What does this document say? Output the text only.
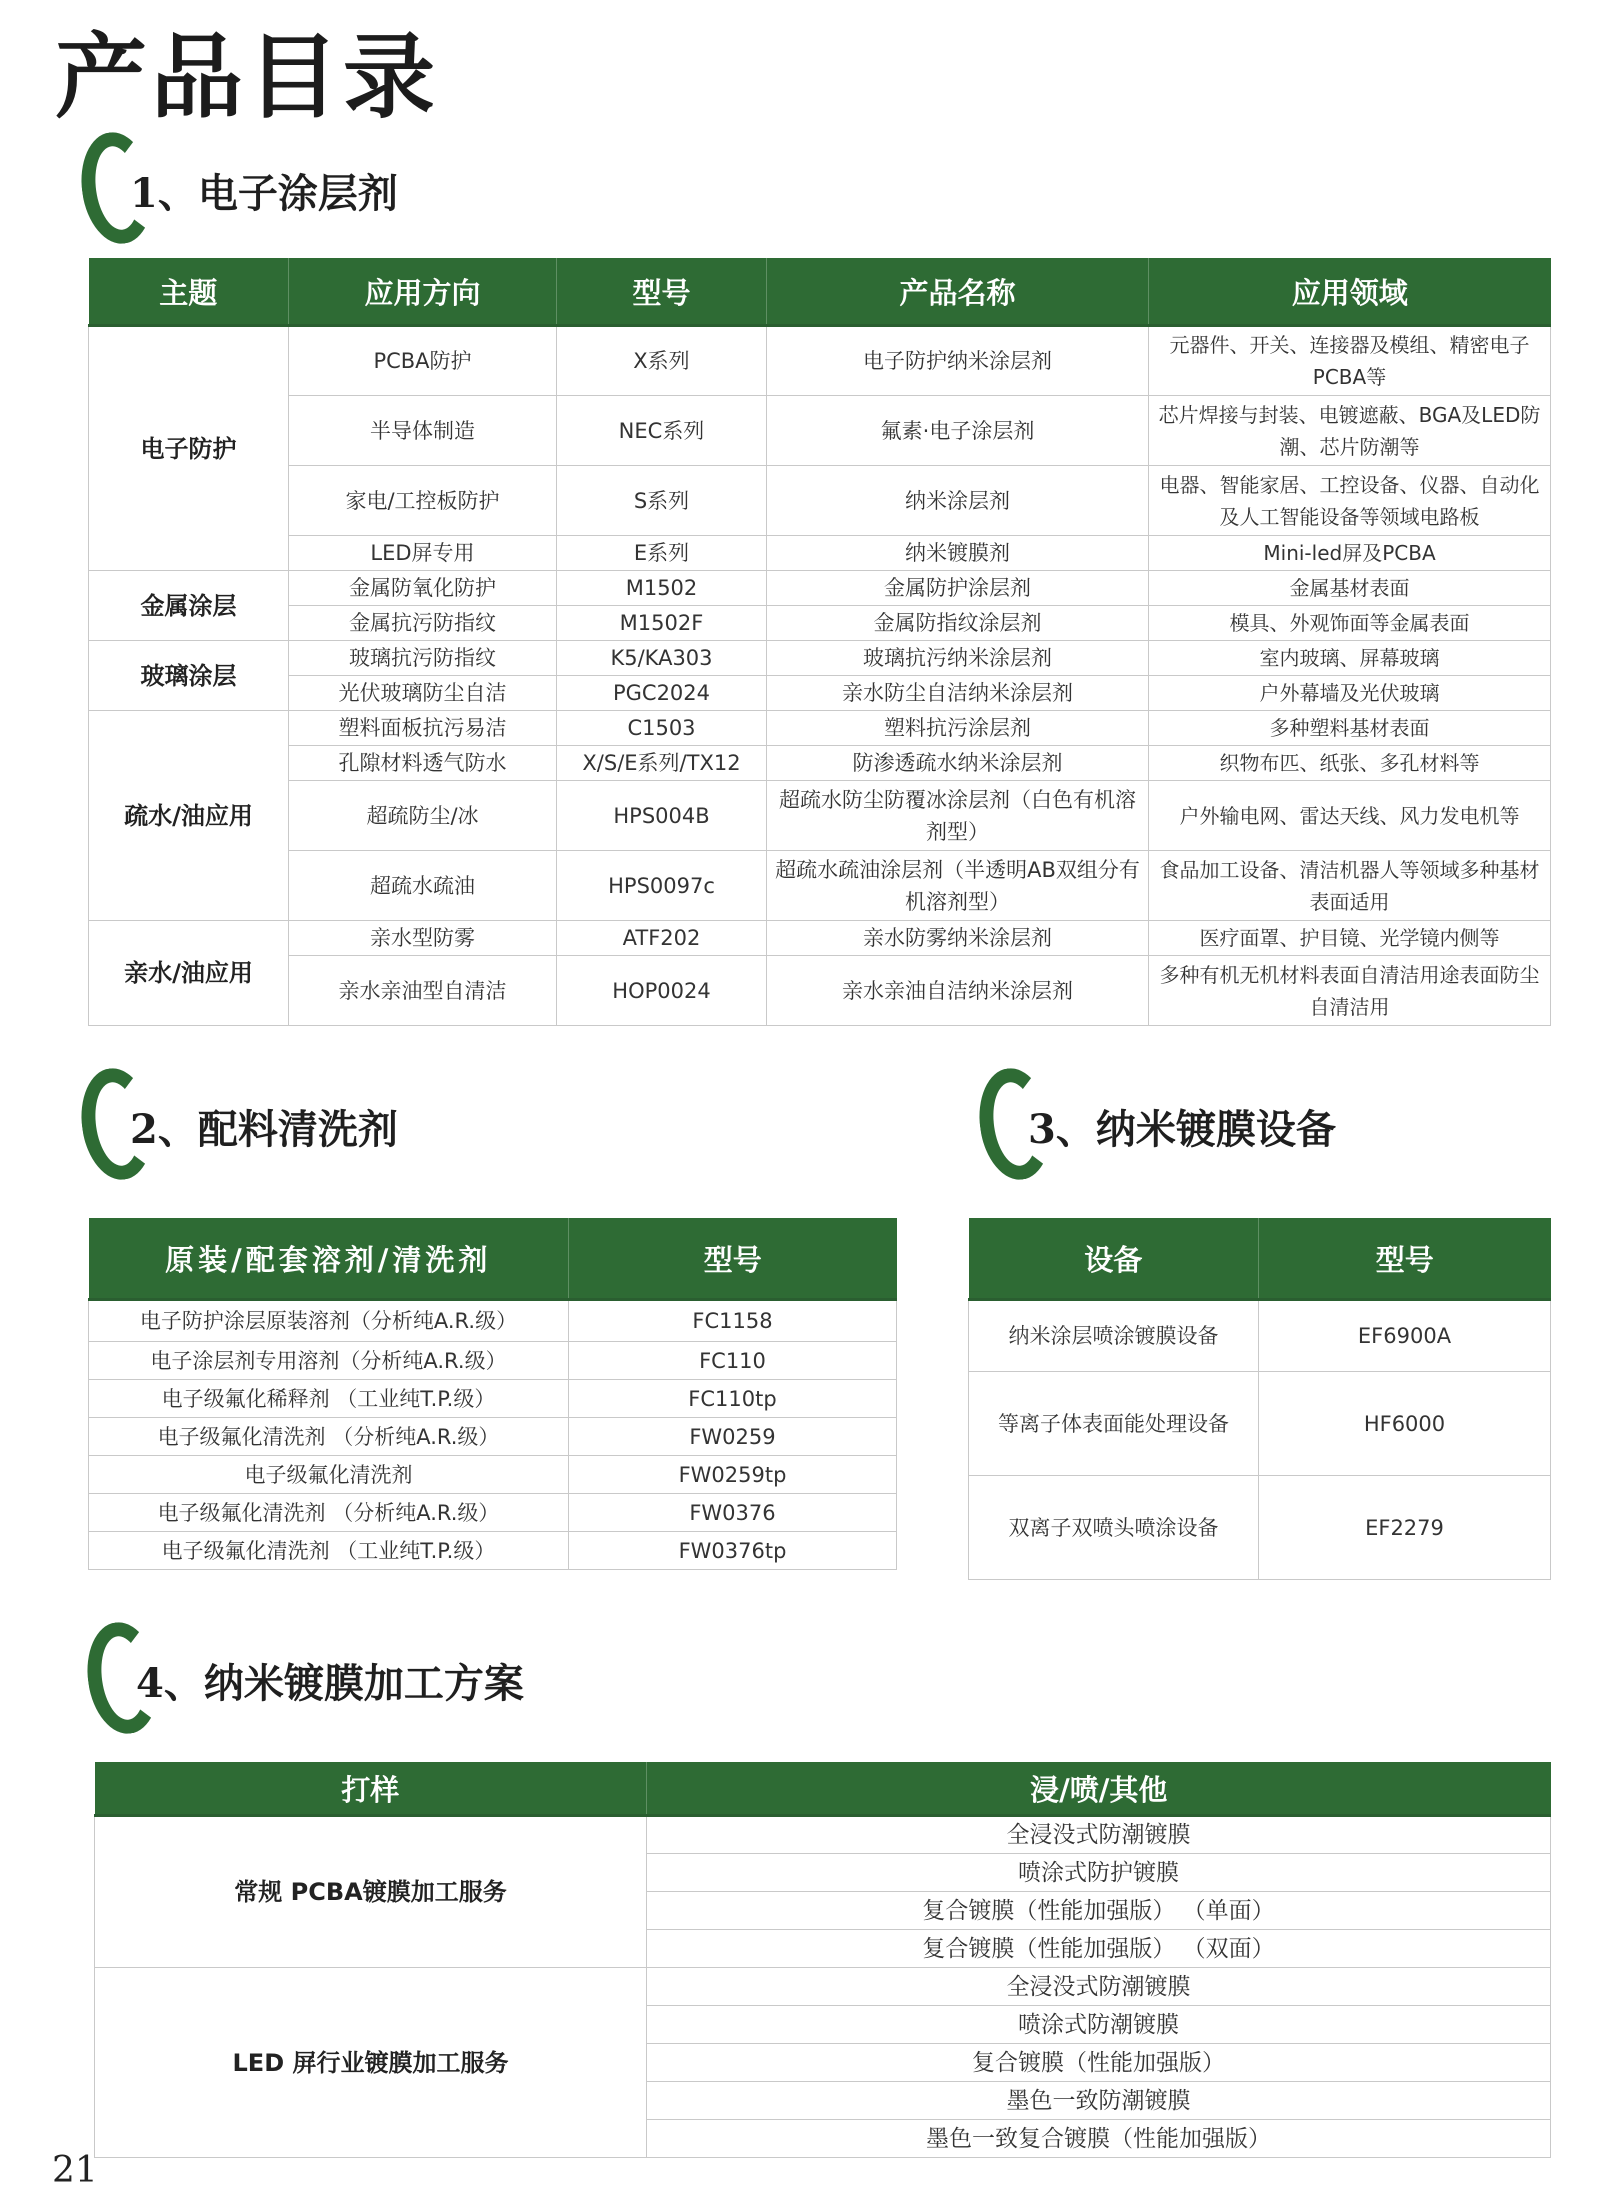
产品目录
1、电子涂层剂
主题	应用方向	型号	产品名称	应用领域
电子防护	PCBA防护	X系列	电子防护纳米涂层剂	元器件、开关、连接器及模组、精密电子PCBA等
	半导体制造	NEC系列	氟素·电子涂层剂	芯片焊接与封装、电镀遮蔽、BGA及LED防潮、芯片防潮等
	家电/工控板防护	S系列	纳米涂层剂	电器、智能家居、工控设备、仪器、自动化及人工智能设备等领域电路板
	LED屏专用	E系列	纳米镀膜剂	Mini-led屏及PCBA
金属涂层	金属防氧化防护	M1502	金属防护涂层剂	金属基材表面
	金属抗污防指纹	M1502F	金属防指纹涂层剂	模具、外观饰面等金属表面
玻璃涂层	玻璃抗污防指纹	K5/KA303	玻璃抗污纳米涂层剂	室内玻璃、屏幕玻璃
	光伏玻璃防尘自洁	PGC2024	亲水防尘自洁纳米涂层剂	户外幕墙及光伏玻璃
疏水/油应用	塑料面板抗污易洁	C1503	塑料抗污涂层剂	多种塑料基材表面
	孔隙材料透气防水	X/S/E系列/TX12	防渗透疏水纳米涂层剂	织物布匹、纸张、多孔材料等
	超疏防尘/冰	HPS004B	超疏水防尘防覆冰涂层剂（白色有机溶剂型）	户外输电网、雷达天线、风力发电机等
	超疏水疏油	HPS0097c	超疏水疏油涂层剂（半透明AB双组分有机溶剂型）	食品加工设备、清洁机器人等领域多种基材表面适用
亲水/油应用	亲水型防雾	ATF202	亲水防雾纳米涂层剂	医疗面罩、护目镜、光学镜内侧等
	亲水亲油型自清洁	HOP0024	亲水亲油自洁纳米涂层剂	多种有机无机材料表面自清洁用途表面防尘自清洁用
2、配料清洗剂
原装/配套溶剂/清洗剂	型号
电子防护涂层原装溶剂（分析纯A.R.级）	FC1158
电子涂层剂专用溶剂（分析纯A.R.级）	FC110
电子级氟化稀释剂 （工业纯T.P.级）	FC110tp
电子级氟化清洗剂 （分析纯A.R.级）	FW0259
电子级氟化清洗剂	FW0259tp
电子级氟化清洗剂 （分析纯A.R.级）	FW0376
电子级氟化清洗剂 （工业纯T.P.级）	FW0376tp
3、纳米镀膜设备
设备	型号
纳米涂层喷涂镀膜设备	EF6900A
等离子体表面能处理设备	HF6000
双离子双喷头喷涂设备	EF2279
4、纳米镀膜加工方案
打样	浸/喷/其他
常规 PCBA镀膜加工服务	全浸没式防潮镀膜
	喷涂式防护镀膜
	复合镀膜（性能加强版） （单面）
	复合镀膜（性能加强版） （双面）
LED 屏行业镀膜加工服务	全浸没式防潮镀膜
	喷涂式防潮镀膜
	复合镀膜（性能加强版）
	墨色一致防潮镀膜
	墨色一致复合镀膜（性能加强版）
21
